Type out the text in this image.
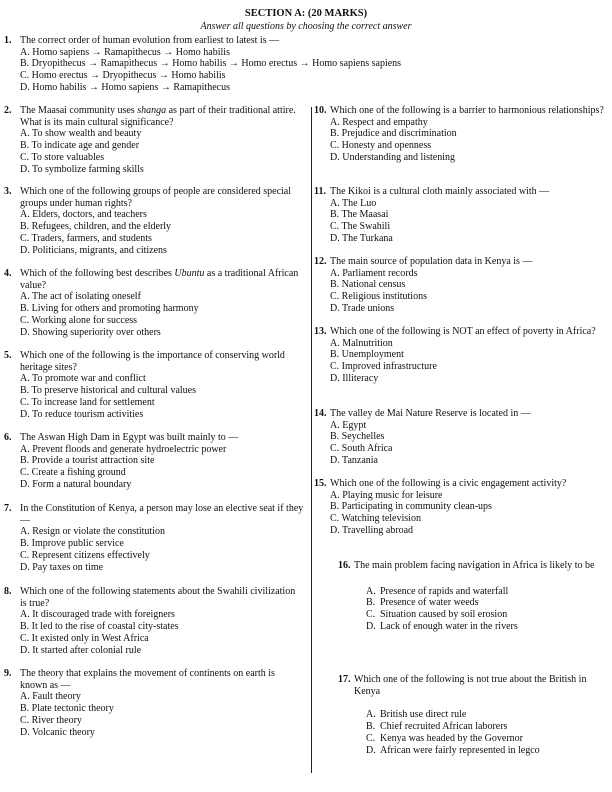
SECTION A: (20 MARKS)
Answer all questions by choosing the correct answer
1. The correct order of human evolution from earliest to latest is —
A. Homo sapiens → Ramapithecus → Homo habilis
B. Dryopithecus → Ramapithecus → Homo habilis → Homo erectus → Homo sapiens sapiens
C. Homo erectus → Dryopithecus → Homo habilis
D. Homo habilis → Homo sapiens → Ramapithecus
2. The Maasai community uses shanga as part of their traditional attire. What is its main cultural significance?
A. To show wealth and beauty
B. To indicate age and gender
C. To store valuables
D. To symbolize farming skills
3. Which one of the following groups of people are considered special groups under human rights?
A. Elders, doctors, and teachers
B. Refugees, children, and the elderly
C. Traders, farmers, and students
D. Politicians, migrants, and citizens
4. Which of the following best describes Ubuntu as a traditional African value?
A. The act of isolating oneself
B. Living for others and promoting harmony
C. Working alone for success
D. Showing superiority over others
5. Which one of the following is the importance of conserving world heritage sites?
A. To promote war and conflict
B. To preserve historical and cultural values
C. To increase land for settlement
D. To reduce tourism activities
6. The Aswan High Dam in Egypt was built mainly to —
A. Prevent floods and generate hydroelectric power
B. Provide a tourist attraction site
C. Create a fishing ground
D. Form a natural boundary
7. In the Constitution of Kenya, a person may lose an elective seat if they —
A. Resign or violate the constitution
B. Improve public service
C. Represent citizens effectively
D. Pay taxes on time
8. Which one of the following statements about the Swahili civilization is true?
A. It discouraged trade with foreigners
B. It led to the rise of coastal city-states
C. It existed only in West Africa
D. It started after colonial rule
9. The theory that explains the movement of continents on earth is known as —
A. Fault theory
B. Plate tectonic theory
C. River theory
D. Volcanic theory
10. Which one of the following is a barrier to harmonious relationships?
A. Respect and empathy
B. Prejudice and discrimination
C. Honesty and openness
D. Understanding and listening
11. The Kikoi is a cultural cloth mainly associated with —
A. The Luo
B. The Maasai
C. The Swahili
D. The Turkana
12. The main source of population data in Kenya is —
A. Parliament records
B. National census
C. Religious institutions
D. Trade unions
13. Which one of the following is NOT an effect of poverty in Africa?
A. Malnutrition
B. Unemployment
C. Improved infrastructure
D. Illiteracy
14. The valley de Mai Nature Reserve is located in —
A. Egypt
B. Seychelles
C. South Africa
D. Tanzania
15. Which one of the following is a civic engagement activity?
A. Playing music for leisure
B. Participating in community clean-ups
C. Watching television
D. Travelling abroad
16. The main problem facing navigation in Africa is likely to be
A. Presence of rapids and waterfall
B. Presence of water weeds
C. Situation caused by soil erosion
D. Lack of enough water in the rivers
17. Which one of the following is not true about the British in Kenya
A. British use direct rule
B. Chief recruited African laborers
C. Kenya was headed by the Governor
D. African were fairly represented in legco
